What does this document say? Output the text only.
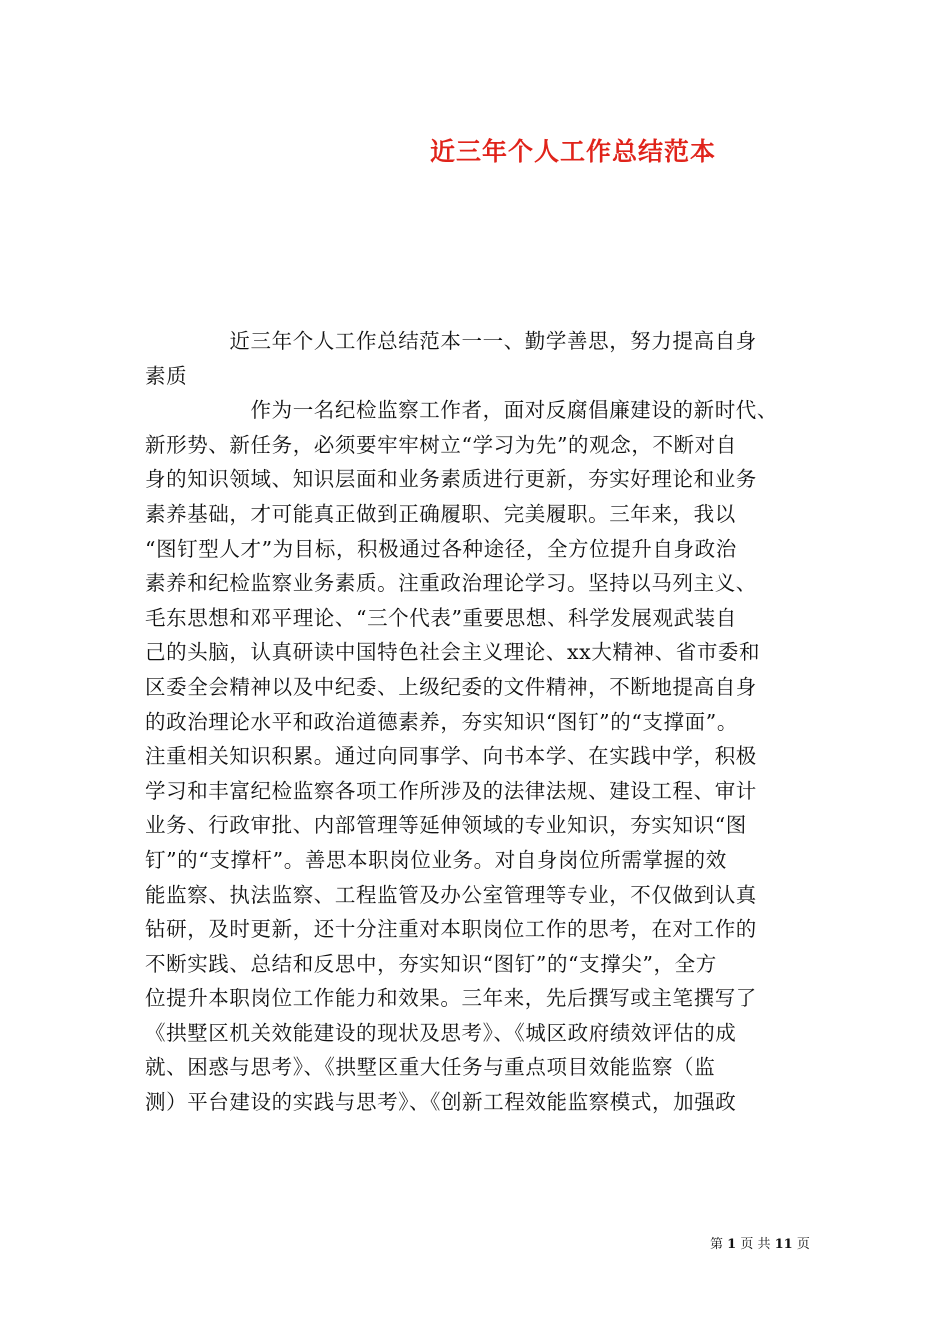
近三年个人工作总结范本
　　　　近三年个人工作总结范本一一、勤学善思，努力提高自身
素质
　　　　　作为一名纪检监察工作者，面对反腐倡廉建设的新时代、
新形势、新任务，必须要牢牢树立“学习为先”的观念，不断对自
身的知识领域、知识层面和业务素质进行更新，夯实好理论和业务
素养基础，才可能真正做到正确履职、完美履职。三年来，我以
“图钉型人才”为目标，积极通过各种途径，全方位提升自身政治
素养和纪检监察业务素质。注重政治理论学习。坚持以马列主义、
毛东思想和邓平理论、“三个代表”重要思想、科学发展观武装自
己的头脑，认真研读中国特色社会主义理论、xx大精神、省市委和
区委全会精神以及中纪委、上级纪委的文件精神，不断地提高自身
的政治理论水平和政治道德素养，夯实知识“图钉”的“支撑面”。
注重相关知识积累。通过向同事学、向书本学、在实践中学，积极
学习和丰富纪检监察各项工作所涉及的法律法规、建设工程、审计
业务、行政审批、内部管理等延伸领域的专业知识，夯实知识“图
钉”的“支撑杆”。善思本职岗位业务。对自身岗位所需掌握的效
能监察、执法监察、工程监管及办公室管理等专业，不仅做到认真
钻研，及时更新，还十分注重对本职岗位工作的思考，在对工作的
不断实践、总结和反思中，夯实知识“图钉”的“支撑尖”，全方
位提升本职岗位工作能力和效果。三年来，先后撰写或主笔撰写了
《拱墅区机关效能建设的现状及思考》、《城区政府绩效评估的成
就、困惑与思考》、《拱墅区重大任务与重点项目效能监察（监
测）平台建设的实践与思考》、《创新工程效能监察模式，加强政
第 1 页 共 11 页
